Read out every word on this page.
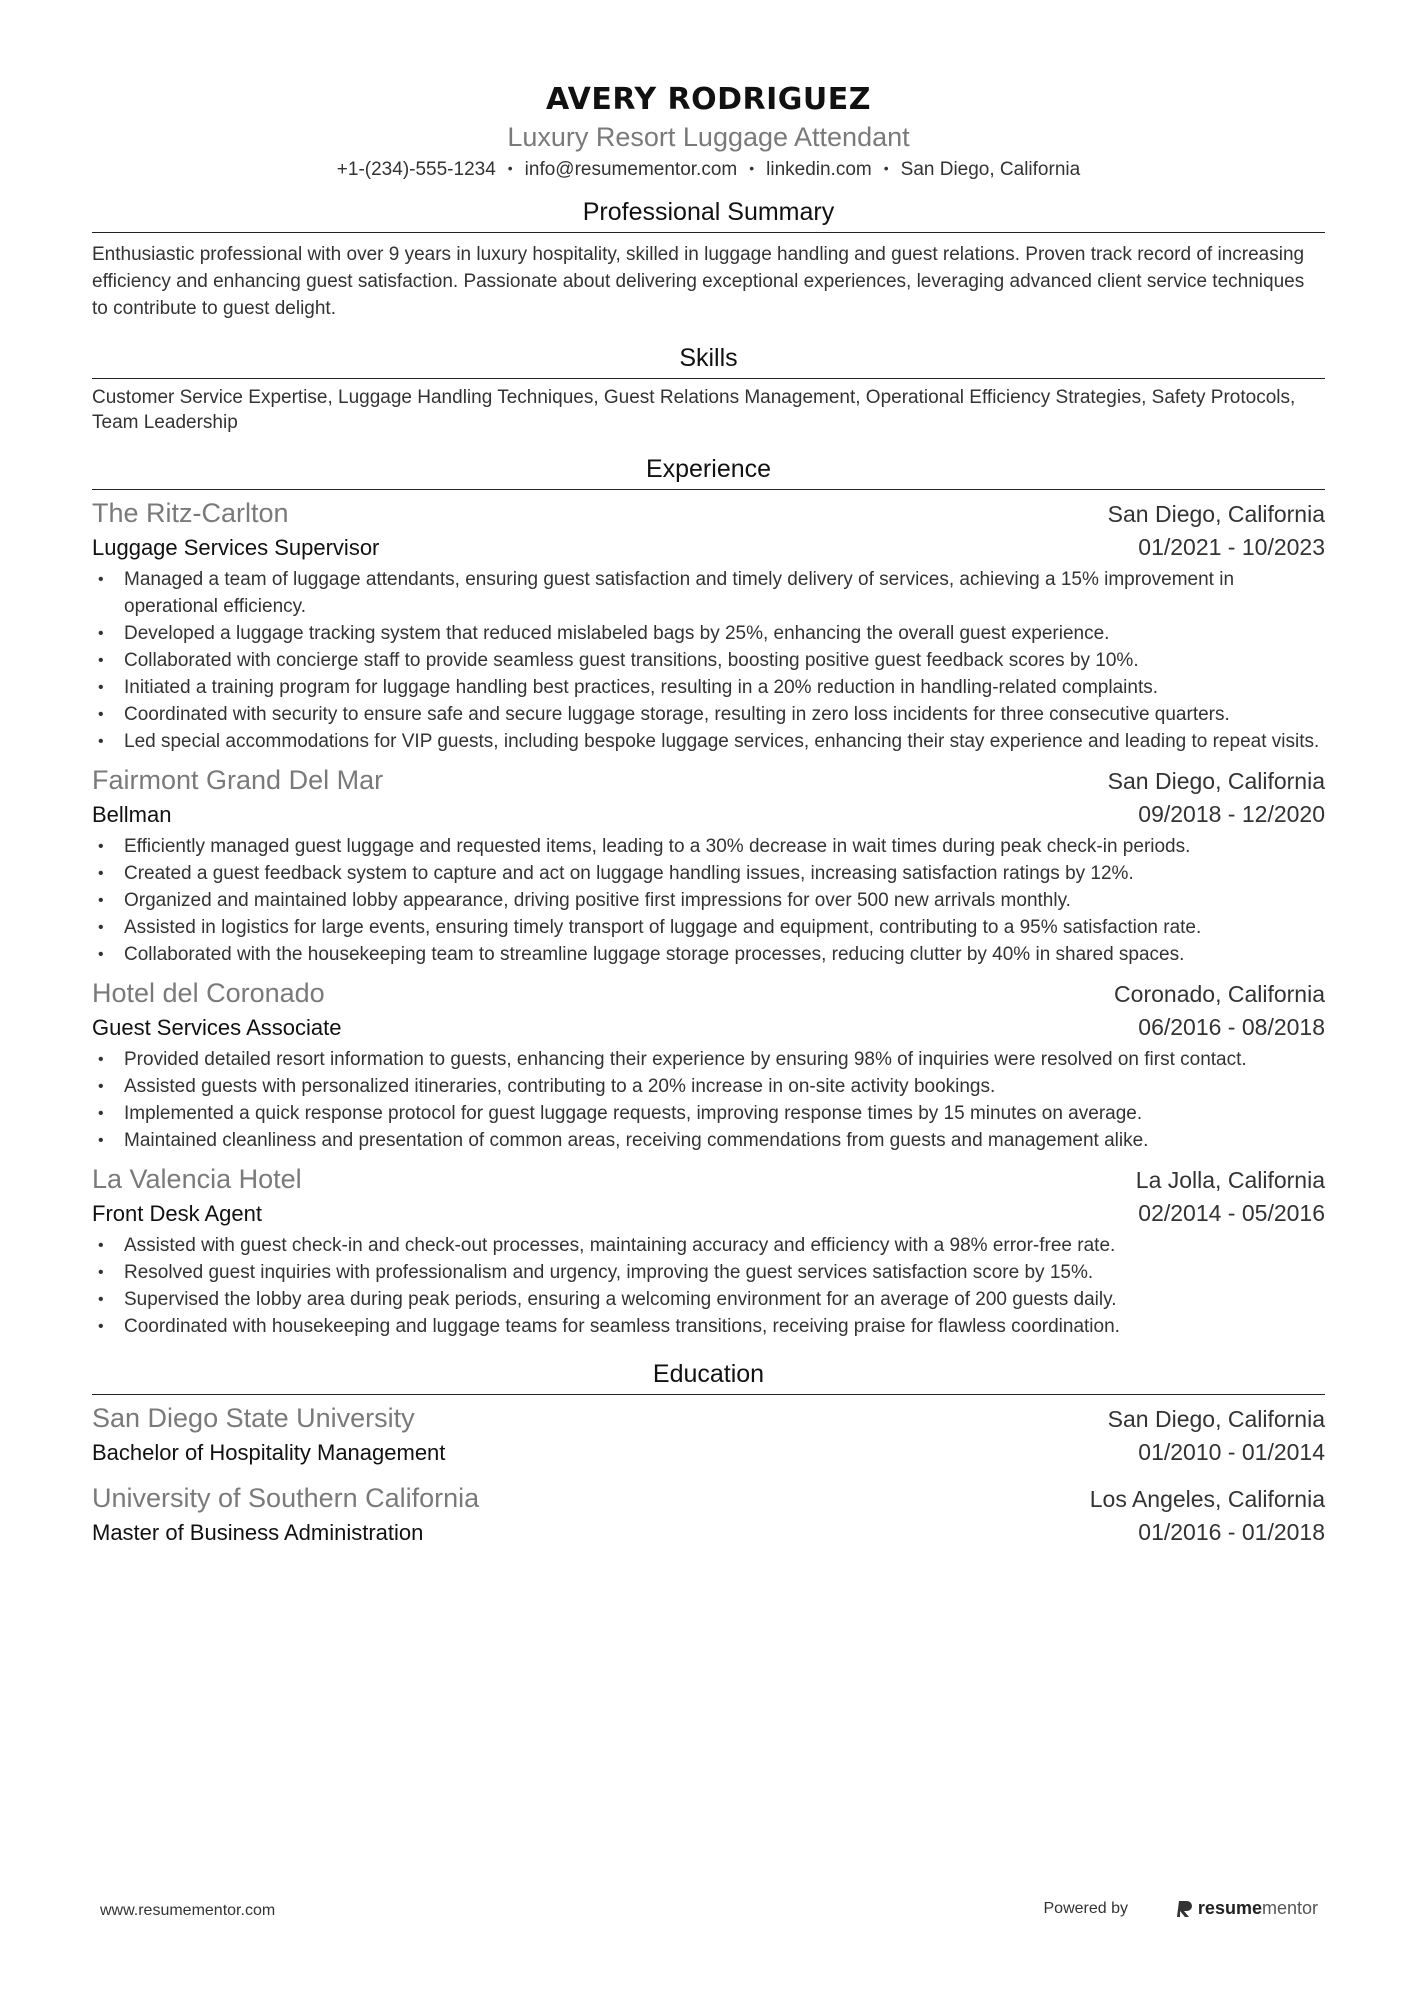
AVERY RODRIGUEZ
Luxury Resort Luggage Attendant
+1-(234)-555-1234 • info@resumementor.com • linkedin.com • San Diego, California
Professional Summary
Enthusiastic professional with over 9 years in luxury hospitality, skilled in luggage handling and guest relations. Proven track record of increasing efficiency and enhancing guest satisfaction. Passionate about delivering exceptional experiences, leveraging advanced client service techniques to contribute to guest delight.
Skills
Customer Service Expertise, Luggage Handling Techniques, Guest Relations Management, Operational Efficiency Strategies, Safety Protocols, Team Leadership
Experience
The Ritz-Carlton	San Diego, California
Luggage Services Supervisor	01/2021 - 10/2023
• Managed a team of luggage attendants, ensuring guest satisfaction and timely delivery of services, achieving a 15% improvement in operational efficiency.
• Developed a luggage tracking system that reduced mislabeled bags by 25%, enhancing the overall guest experience.
• Collaborated with concierge staff to provide seamless guest transitions, boosting positive guest feedback scores by 10%.
• Initiated a training program for luggage handling best practices, resulting in a 20% reduction in handling-related complaints.
• Coordinated with security to ensure safe and secure luggage storage, resulting in zero loss incidents for three consecutive quarters.
• Led special accommodations for VIP guests, including bespoke luggage services, enhancing their stay experience and leading to repeat visits.
Fairmont Grand Del Mar	San Diego, California
Bellman	09/2018 - 12/2020
• Efficiently managed guest luggage and requested items, leading to a 30% decrease in wait times during peak check-in periods.
• Created a guest feedback system to capture and act on luggage handling issues, increasing satisfaction ratings by 12%.
• Organized and maintained lobby appearance, driving positive first impressions for over 500 new arrivals monthly.
• Assisted in logistics for large events, ensuring timely transport of luggage and equipment, contributing to a 95% satisfaction rate.
• Collaborated with the housekeeping team to streamline luggage storage processes, reducing clutter by 40% in shared spaces.
Hotel del Coronado	Coronado, California
Guest Services Associate	06/2016 - 08/2018
• Provided detailed resort information to guests, enhancing their experience by ensuring 98% of inquiries were resolved on first contact.
• Assisted guests with personalized itineraries, contributing to a 20% increase in on-site activity bookings.
• Implemented a quick response protocol for guest luggage requests, improving response times by 15 minutes on average.
• Maintained cleanliness and presentation of common areas, receiving commendations from guests and management alike.
La Valencia Hotel	La Jolla, California
Front Desk Agent	02/2014 - 05/2016
• Assisted with guest check-in and check-out processes, maintaining accuracy and efficiency with a 98% error-free rate.
• Resolved guest inquiries with professionalism and urgency, improving the guest services satisfaction score by 15%.
• Supervised the lobby area during peak periods, ensuring a welcoming environment for an average of 200 guests daily.
• Coordinated with housekeeping and luggage teams for seamless transitions, receiving praise for flawless coordination.
Education
San Diego State University	San Diego, California
Bachelor of Hospitality Management	01/2010 - 01/2014
University of Southern California	Los Angeles, California
Master of Business Administration	01/2016 - 01/2018
www.resumementor.com	Powered by	resume mentor
